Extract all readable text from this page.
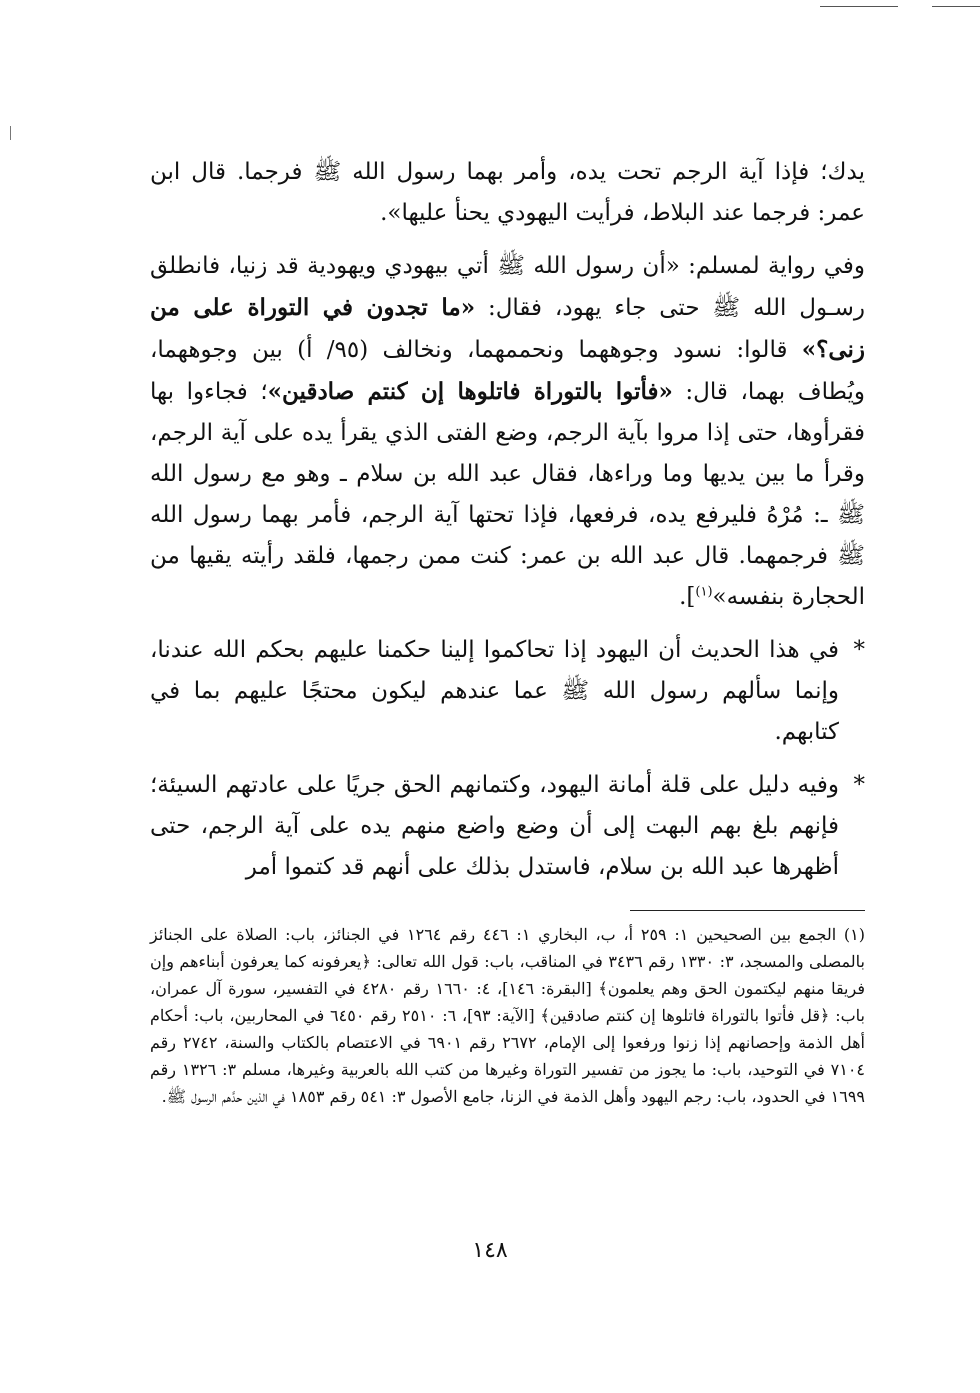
يدك؛ فإذا آية الرجم تحت يده، وأمر بهما رسول الله ﷺ فرجما. قال ابن عمر: فرجما عند البلاط، فرأيت اليهودي يحنأ عليها».

وفي رواية لمسلم: «أن رسول الله ﷺ أتي بيهودي ويهودية قد زنيا، فانطلق رسـول الله ﷺ حتى جاء يهود، فقال: «ما تجدون في التوراة على من زنى؟» قالوا: نسود وجوههما ونحممهما، ونخالف (٩٥/ أ) بين وجوههما، ويُطاف بهما، قال: «فأتوا بالتوراة فاتلوها إن كنتم صادقين»؛ فجاءوا بها فقرأوها، حتى إذا مروا بآية الرجم، وضع الفتى الذي يقرأ يده على آية الرجم، وقرأ ما بين يديها وما وراءها، فقال عبد الله بن سلام ـ وهو مع رسول الله ﷺ ـ: مُرْهُ فليرفع يده، فرفعها، فإذا تحتها آية الرجم، فأمر بهما رسول الله ﷺ فرجمهما. قال عبد الله بن عمر: كنت ممن رجمها، فلقد رأيته يقيها من الحجارة بنفسه»$^{(١)}$].

*
في هذا الحديث أن اليهود إذا تحاكموا إلينا حكمنا عليهم بحكم الله عندنا، وإنما سألهم رسول الله ﷺ عما عندهم ليكون محتجًا عليهم بما في كتابهم.

*
وفيه دليل على قلة أمانة اليهود، وكتمانهم الحق جريًا على عادتهم السيئة؛ فإنهم بلغ بهم البهت إلى أن وضع واضع منهم يده على آية الرجم، حتى أظهرها عبد الله بن سلام، فاستدل بذلك على أنهم قد كتموا أمر

(١) الجمع بين الصحيحين ١: ٢٥٩ أ، ب، البخاري ١: ٤٤٦ رقم ١٢٦٤ في الجنائز، باب: الصلاة على الجنائز بالمصلى والمسجد، ٣: ١٣٣٠ رقم ٣٤٣٦ في المناقب، باب: قول الله تعالى: ﴿يعرفونه كما يعرفون أبناءهم وإن فريقا منهم ليكتمون الحق وهم يعلمون﴾ [البقرة: ١٤٦]، ٤: ١٦٦٠ رقم ٤٢٨٠ في التفسير، سورة آل عمران، باب: ﴿قل فأتوا بالتوراة فاتلوها إن كنتم صادقين﴾ [الآية: ٩٣]، ٦: ٢٥١٠ رقم ٦٤٥٠ في المحاربين، باب: أحكام أهل الذمة وإحصانهم إذا زنوا ورفعوا إلى الإمام، ٢٦٧٢ رقم ٦٩٠١ في الاعتصام بالكتاب والسنة، ٢٧٤٢ رقم ٧١٠٤ في التوحيد، باب: ما يجوز من تفسير التوراة وغيرها من كتب الله بالعربية وغيرها، مسلم ٣: ١٣٢٦ رقم ١٦٩٩ في الحدود، باب: رجم اليهود وأهل الذمة في الزنا، جامع الأصول ٣: ٥٤١ رقم ١٨٥٣ في الذين حدَّهم الرسول ﷺ.

١٤٨
